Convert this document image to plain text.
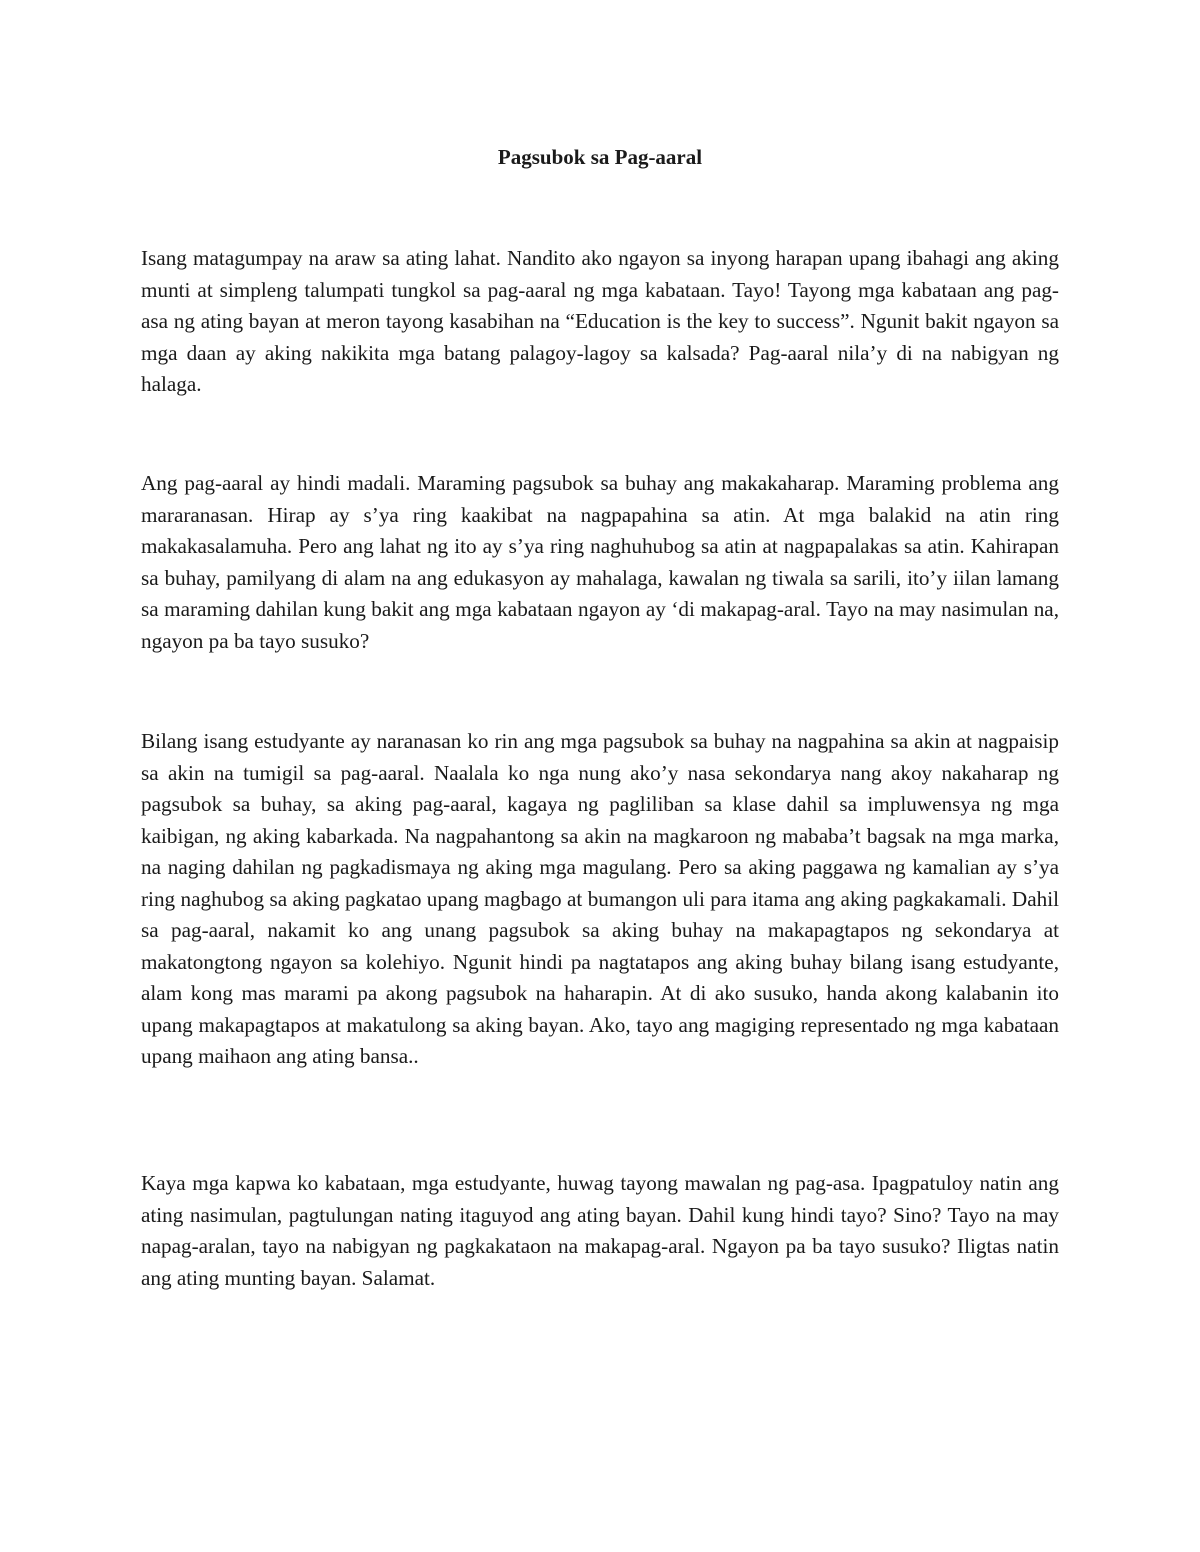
Pagsubok sa Pag-aaral

Isang matagumpay na araw sa ating lahat. Nandito ako ngayon sa inyong harapan upang ibahagi ang aking munti at simpleng talumpati tungkol sa pag-aaral ng mga kabataan. Tayo! Tayong mga kabataan ang pag-asa ng ating bayan at meron tayong kasabihan na “Education is the key to success”. Ngunit bakit ngayon sa mga daan ay aking nakikita mga batang palagoy-lagoy sa kalsada? Pag-aaral nila’y di na nabigyan ng halaga.

Ang pag-aaral ay hindi madali. Maraming pagsubok sa buhay ang makakaharap. Maraming problema ang mararanasan. Hirap ay s’ya ring kaakibat na nagpapahina sa atin. At mga balakid na atin ring makakasalamuha. Pero ang lahat ng ito ay s’ya ring naghuhubog sa atin at nagpapalakas sa atin. Kahirapan sa buhay, pamilyang di alam na ang edukasyon ay mahalaga, kawalan ng tiwala sa sarili, ito’y iilan lamang sa maraming dahilan kung bakit ang mga kabataan ngayon ay ‘di makapag-aral. Tayo na may nasimulan na, ngayon pa ba tayo susuko?

Bilang isang estudyante ay naranasan ko rin ang mga pagsubok sa buhay na nagpahina sa akin at nagpaisip sa akin na tumigil sa pag-aaral. Naalala ko nga nung ako’y nasa sekondarya nang akoy nakaharap ng pagsubok sa buhay, sa aking pag-aaral, kagaya ng pagliliban sa klase dahil sa impluwensya ng mga kaibigan, ng aking kabarkada. Na nagpahantong sa akin na magkaroon ng mababa’t bagsak na mga marka, na naging dahilan ng pagkadismaya ng aking mga magulang. Pero sa aking paggawa ng kamalian ay s’ya ring naghubog sa aking pagkatao upang magbago at bumangon uli para itama ang aking pagkakamali. Dahil sa pag-aaral, nakamit ko ang unang pagsubok sa aking buhay na makapagtapos ng sekondarya at makatongtong ngayon sa kolehiyo. Ngunit hindi pa nagtatapos ang aking buhay bilang isang estudyante, alam kong mas marami pa akong pagsubok na haharapin. At di ako susuko, handa akong kalabanin ito upang makapagtapos at makatulong sa aking bayan. Ako, tayo ang magiging representado ng mga kabataan upang maihaon ang ating bansa..

Kaya mga kapwa ko kabataan, mga estudyante, huwag tayong mawalan ng pag-asa. Ipagpatuloy natin ang ating nasimulan, pagtulungan nating itaguyod ang ating bayan. Dahil kung hindi tayo? Sino? Tayo na may napag-aralan, tayo na nabigyan ng pagkakataon na makapag-aral. Ngayon pa ba tayo susuko? Iligtas natin ang ating munting bayan. Salamat.
